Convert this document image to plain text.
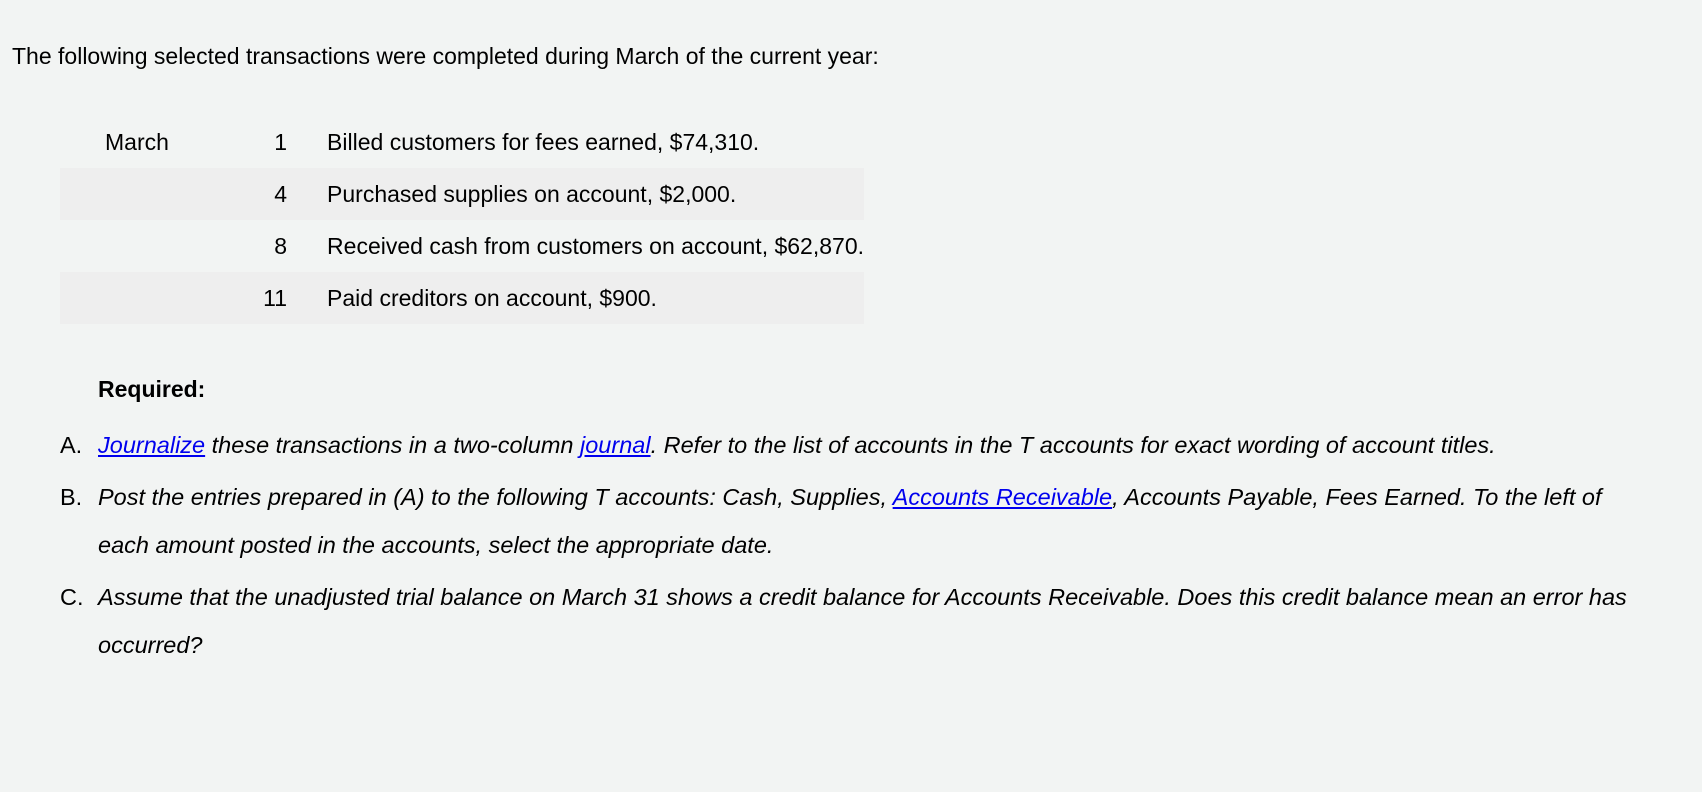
The following selected transactions were completed during March of the current year:

March	1	Billed customers for fees earned, $74,310.
	4	Purchased supplies on account, $2,000.
	8	Received cash from customers on account, $62,870.
	11	Paid creditors on account, $900.

Required:

A. Journalize these transactions in a two-column journal. Refer to the list of accounts in the T accounts for exact wording of account titles.
B. Post the entries prepared in (A) to the following T accounts: Cash, Supplies, Accounts Receivable, Accounts Payable, Fees Earned. To the left of each amount posted in the accounts, select the appropriate date.
C. Assume that the unadjusted trial balance on March 31 shows a credit balance for Accounts Receivable. Does this credit balance mean an error has occurred?
